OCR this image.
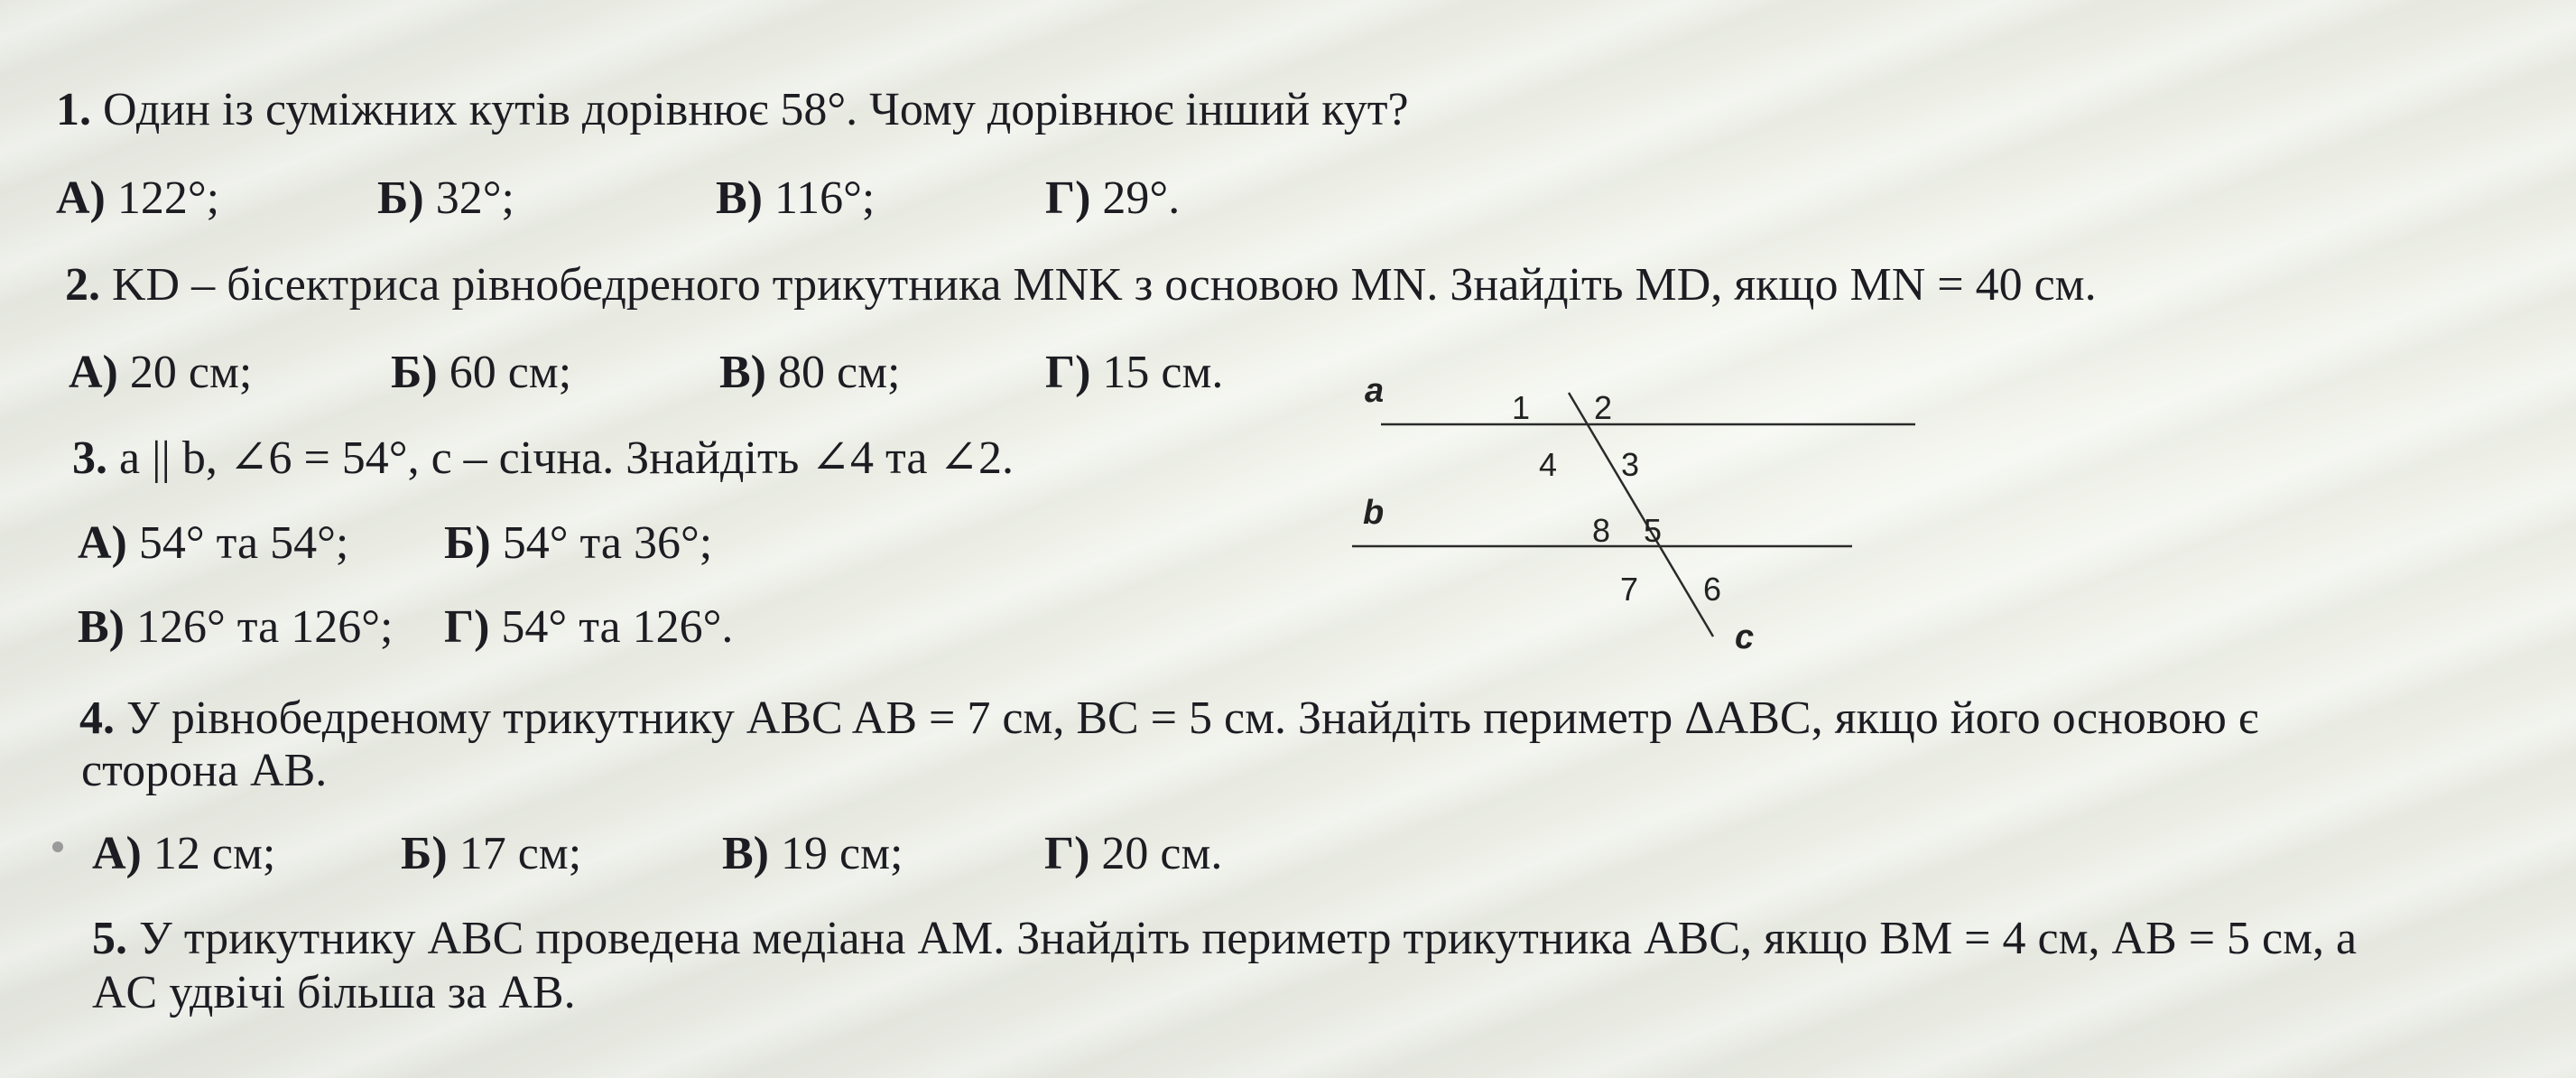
1. Один із суміжних кутів дорівнює 58°. Чому дорівнює інший кут?
А) 122°;	Б) 32°;	В) 116°;	Г) 29°.
2. KD – бісектриса рівнобедреного трикутника MNK з основою MN. Знайдіть MD, якщо MN = 40 см.
А) 20 см;	Б) 60 см;	В) 80 см;	Г) 15 см.
3. a || b, ∠6 = 54°, c – січна. Знайдіть ∠4 та ∠2.
А) 54° та 54°; Б) 54° та 36°;
В) 126° та 126°; Г) 54° та 126°.
a
b
c
1 2
3
4
5
6
7
8
4. У рівнобедреному трикутнику ABC AB = 7 см, BC = 5 см. Знайдіть периметр ΔABC, якщо його основою є
сторона AB.
А) 12 см;	Б) 17 см;	В) 19 см;	Г) 20 см.
5. У трикутнику ABC проведена медіана AM. Знайдіть периметр трикутника ABC, якщо BM = 4 см, AB = 5 см, а
AC удвічі більша за AB.
